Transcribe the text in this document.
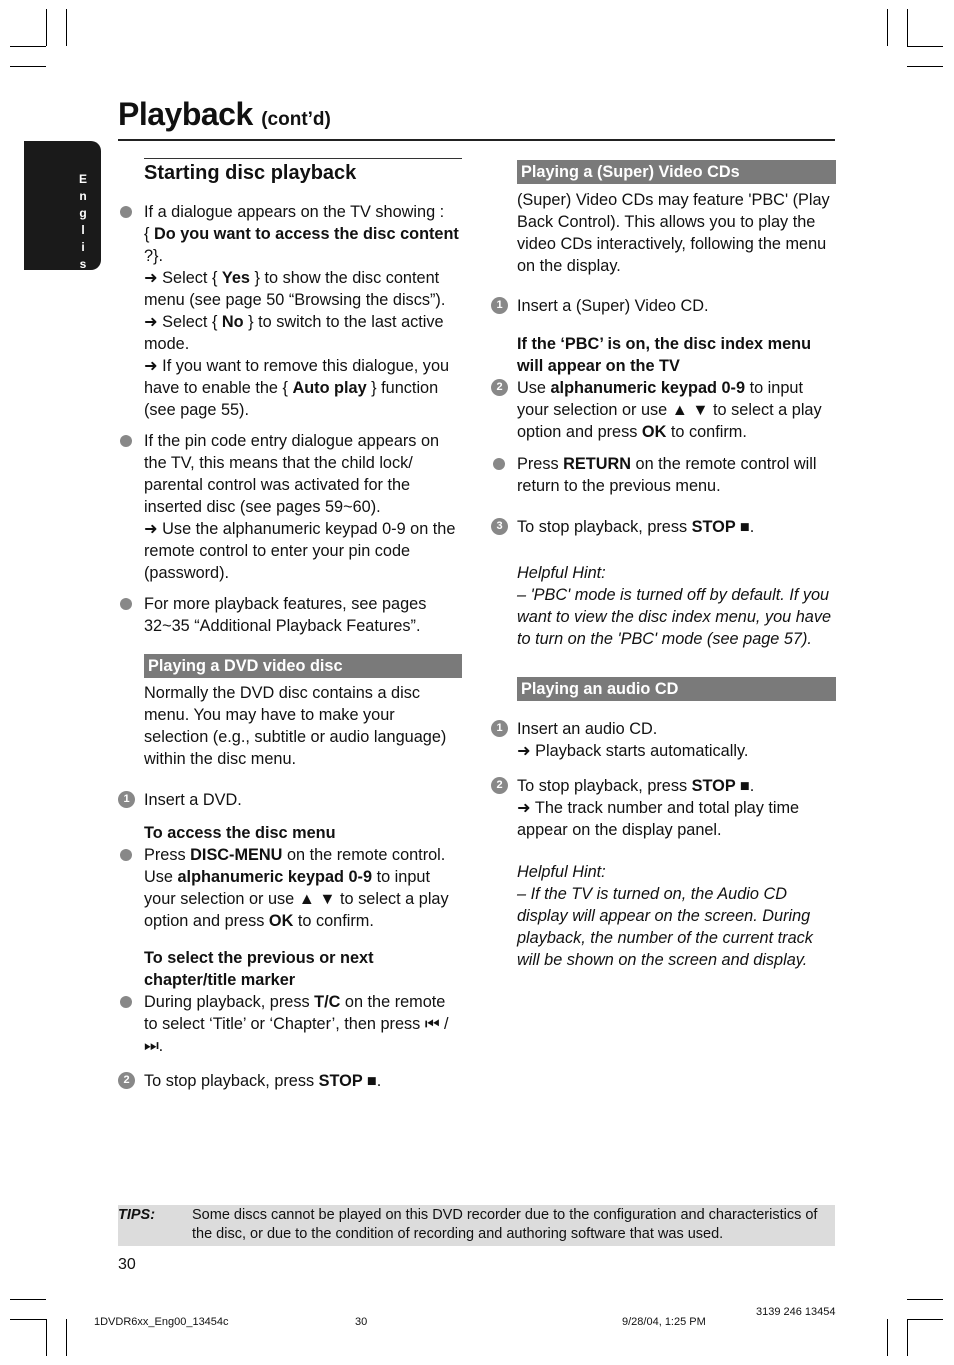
English
Playback (cont’d)
Starting disc playback
If a dialogue appears on the TV showing :
{ Do you want to access the disc content ?}.
➜ Select { Yes } to show the disc content menu (see page 50 “Browsing the discs”).
➜ Select { No } to switch to the last active mode.
➜ If you want to remove this dialogue, you have to enable the { Auto play } function (see page 55).
If the pin code entry dialogue appears on the TV, this means that the child lock/ parental control was activated for the inserted disc (see pages 59~60).
➜ Use the alphanumeric keypad 0-9 on the remote control to enter your pin code (password).
For more playback features, see pages 32~35 “Additional Playback Features”.
Playing a DVD video disc
Normally the DVD disc contains a disc menu. You may have to make your selection (e.g., subtitle or audio language) within the disc menu.
1 Insert a DVD.
To access the disc menu
Press DISC-MENU on the remote control. Use alphanumeric keypad 0-9 to input your selection or use ▲ ▼ to select a play option and press OK to confirm.
To select the previous or next chapter/title marker
During playback, press T/C on the remote to select ‘Title’ or ‘Chapter’, then press ⏮ / ⏭.
2 To stop playback, press STOP ■.
Playing a (Super) Video CDs
(Super) Video CDs may feature 'PBC' (Play Back Control). This allows you to play the video CDs interactively, following the menu on the display.
1 Insert a (Super) Video CD.
If the ‘PBC’ is on, the disc index menu will appear on the TV
2 Use alphanumeric keypad 0-9 to input your selection or use ▲ ▼ to select a play option and press OK to confirm.
Press RETURN on the remote control will return to the previous menu.
3 To stop playback, press STOP ■.
Helpful Hint:
– 'PBC' mode is turned off by default. If you want to view the disc index menu, you have to turn on the 'PBC' mode (see page 57).
Playing an audio CD
1 Insert an audio CD.
➜ Playback starts automatically.
2 To stop playback, press STOP ■.
➜ The track number and total play time appear on the display panel.
Helpful Hint:
– If the TV is turned on, the Audio CD display will appear on the screen. During playback, the number of the current track will be shown on the screen and display.
TIPS:	Some discs cannot be played on this DVD recorder due to the configuration and characteristics of the disc, or due to the condition of recording and authoring software that was used.
30
1DVDR6xx_Eng00_13454c	30	9/28/04, 1:25 PM
3139 246 13454
